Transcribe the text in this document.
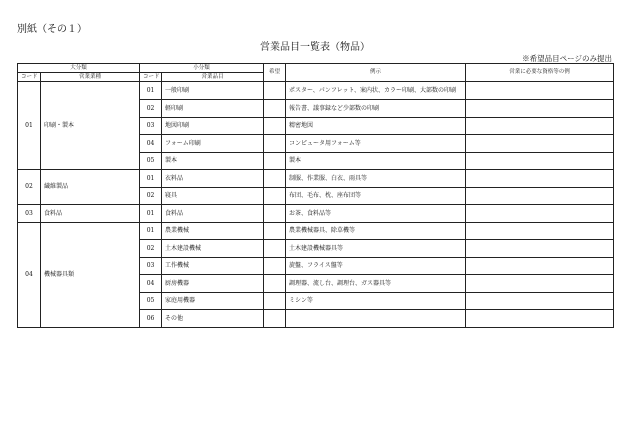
別紙（その１）
営業品目一覧表（物品）
※希望品目ページのみ提出
大分類		小分類		希望	例示	営業に必要な資格等の例
コード	営業業種	コード	営業品目			
01	印刷・製本	01	一般印刷		ポスター、パンフレット、案内状、カラー印刷、大部数の印刷	
		02	軽印刷		報告書、議事録など少部数の印刷	
		03	地図印刷		精密地図	
		04	フォーム印刷		コンピュータ用フォーム等	
		05	製本		製本	
02	繊維製品	01	衣料品		制服、作業服、白衣、雨具等	
		02	寝具		布団、毛布、枕、座布団等	
03	食料品	01	食料品		お茶、食料品等	
04	機械器具類	01	農業機械		農業機械器具、除草機等	
		02	土木建設機械		土木建設機械器具等	
		03	工作機械		旋盤、フライス盤等	
		04	厨房機器		調理器、流し台、調理台、ガス器具等	
		05	家庭用機器		ミシン等	
		06	その他			
